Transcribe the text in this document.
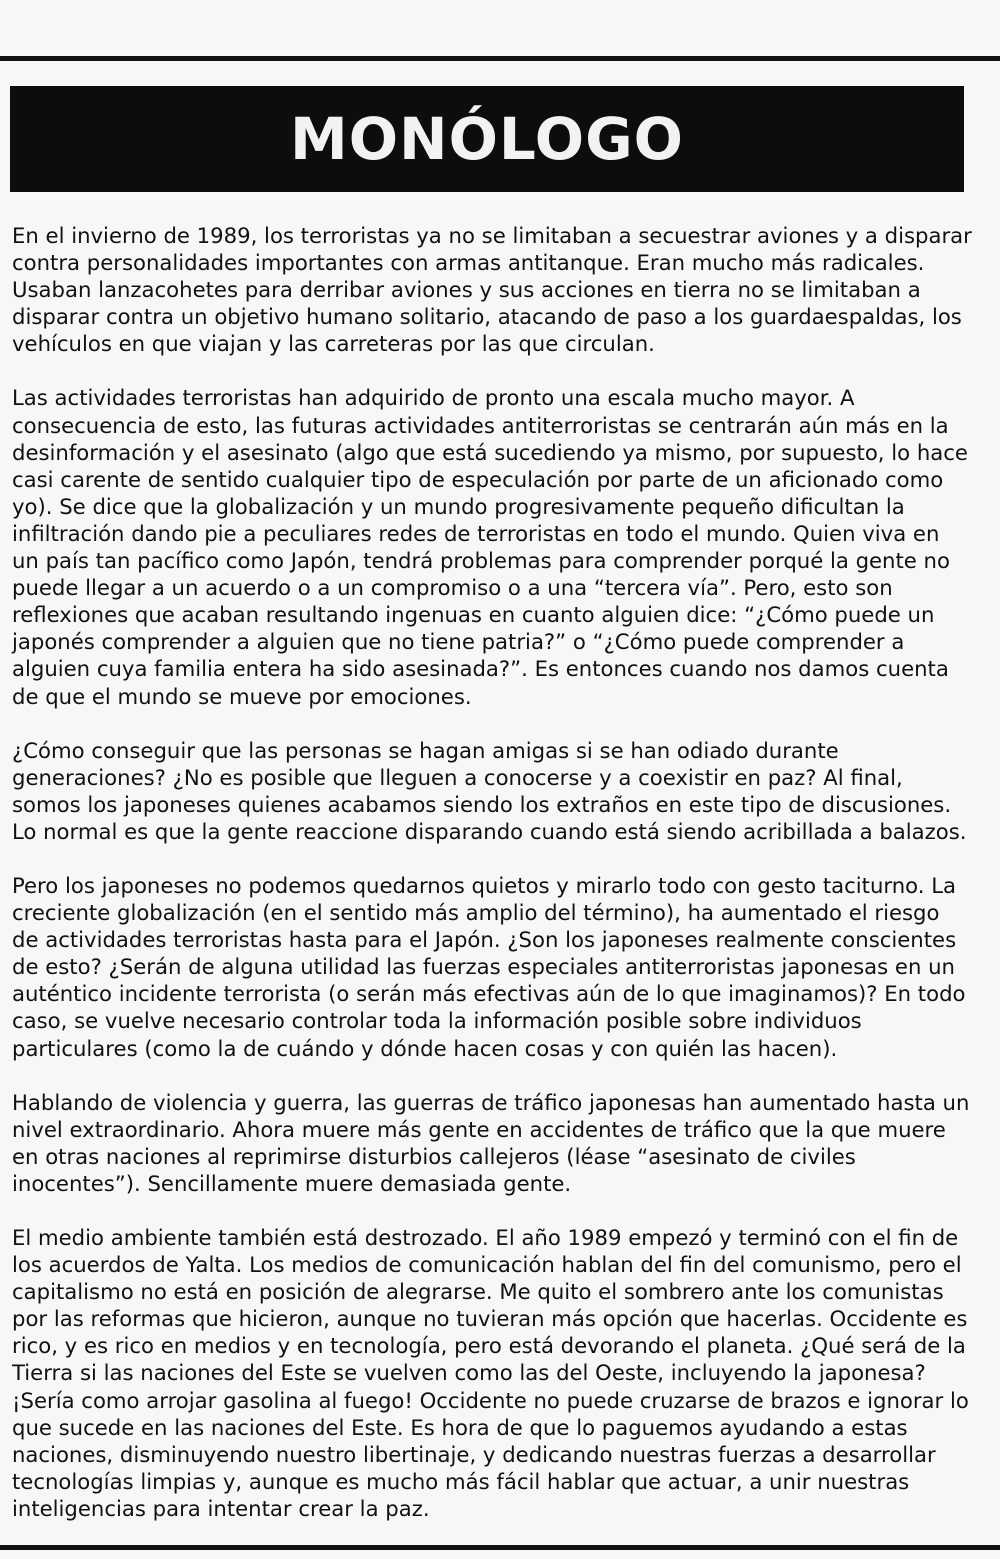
MONÓLOGO

En el invierno de 1989, los terroristas ya no se limitaban a secuestrar aviones y a disparar contra personalidades importantes con armas antitanque. Eran mucho más radicales. Usaban lanzacohetes para derribar aviones y sus acciones en tierra no se limitaban a disparar contra un objetivo humano solitario, atacando de paso a los guardaespaldas, los vehículos en que viajan y las carreteras por las que circulan.

Las actividades terroristas han adquirido de pronto una escala mucho mayor. A consecuencia de esto, las futuras actividades antiterroristas se centrarán aún más en la desinformación y el asesinato (algo que está sucediendo ya mismo, por supuesto, lo hace casi carente de sentido cualquier tipo de especulación por parte de un aficionado como yo). Se dice que la globalización y un mundo progresivamente pequeño dificultan la infiltración dando pie a peculiares redes de terroristas en todo el mundo. Quien viva en un país tan pacífico como Japón, tendrá problemas para comprender porqué la gente no puede llegar a un acuerdo o a un compromiso o a una “tercera vía”. Pero, esto son reflexiones que acaban resultando ingenuas en cuanto alguien dice: “¿Cómo puede un japonés comprender a alguien que no tiene patria?” o “¿Cómo puede comprender a alguien cuya familia entera ha sido asesinada?”. Es entonces cuando nos damos cuenta de que el mundo se mueve por emociones.

¿Cómo conseguir que las personas se hagan amigas si se han odiado durante generaciones? ¿No es posible que lleguen a conocerse y a coexistir en paz? Al final, somos los japoneses quienes acabamos siendo los extraños en este tipo de discusiones. Lo normal es que la gente reaccione disparando cuando está siendo acribillada a balazos.

Pero los japoneses no podemos quedarnos quietos y mirarlo todo con gesto taciturno. La creciente globalización (en el sentido más amplio del término), ha aumentado el riesgo de actividades terroristas hasta para el Japón. ¿Son los japoneses realmente conscientes de esto? ¿Serán de alguna utilidad las fuerzas especiales antiterroristas japonesas en un auténtico incidente terrorista (o serán más efectivas aún de lo que imaginamos)? En todo caso, se vuelve necesario controlar toda la información posible sobre individuos particulares (como la de cuándo y dónde hacen cosas y con quién las hacen).

Hablando de violencia y guerra, las guerras de tráfico japonesas han aumentado hasta un nivel extraordinario. Ahora muere más gente en accidentes de tráfico que la que muere en otras naciones al reprimirse disturbios callejeros (léase “asesinato de civiles inocentes”). Sencillamente muere demasiada gente.

El medio ambiente también está destrozado. El año 1989 empezó y terminó con el fin de los acuerdos de Yalta. Los medios de comunicación hablan del fin del comunismo, pero el capitalismo no está en posición de alegrarse. Me quito el sombrero ante los comunistas por las reformas que hicieron, aunque no tuvieran más opción que hacerlas. Occidente es rico, y es rico en medios y en tecnología, pero está devorando el planeta. ¿Qué será de la Tierra si las naciones del Este se vuelven como las del Oeste, incluyendo la japonesa? ¡Sería como arrojar gasolina al fuego! Occidente no puede cruzarse de brazos e ignorar lo que sucede en las naciones del Este. Es hora de que lo paguemos ayudando a estas naciones, disminuyendo nuestro libertinaje, y dedicando nuestras fuerzas a desarrollar tecnologías limpias y, aunque es mucho más fácil hablar que actuar, a unir nuestras inteligencias para intentar crear la paz.
